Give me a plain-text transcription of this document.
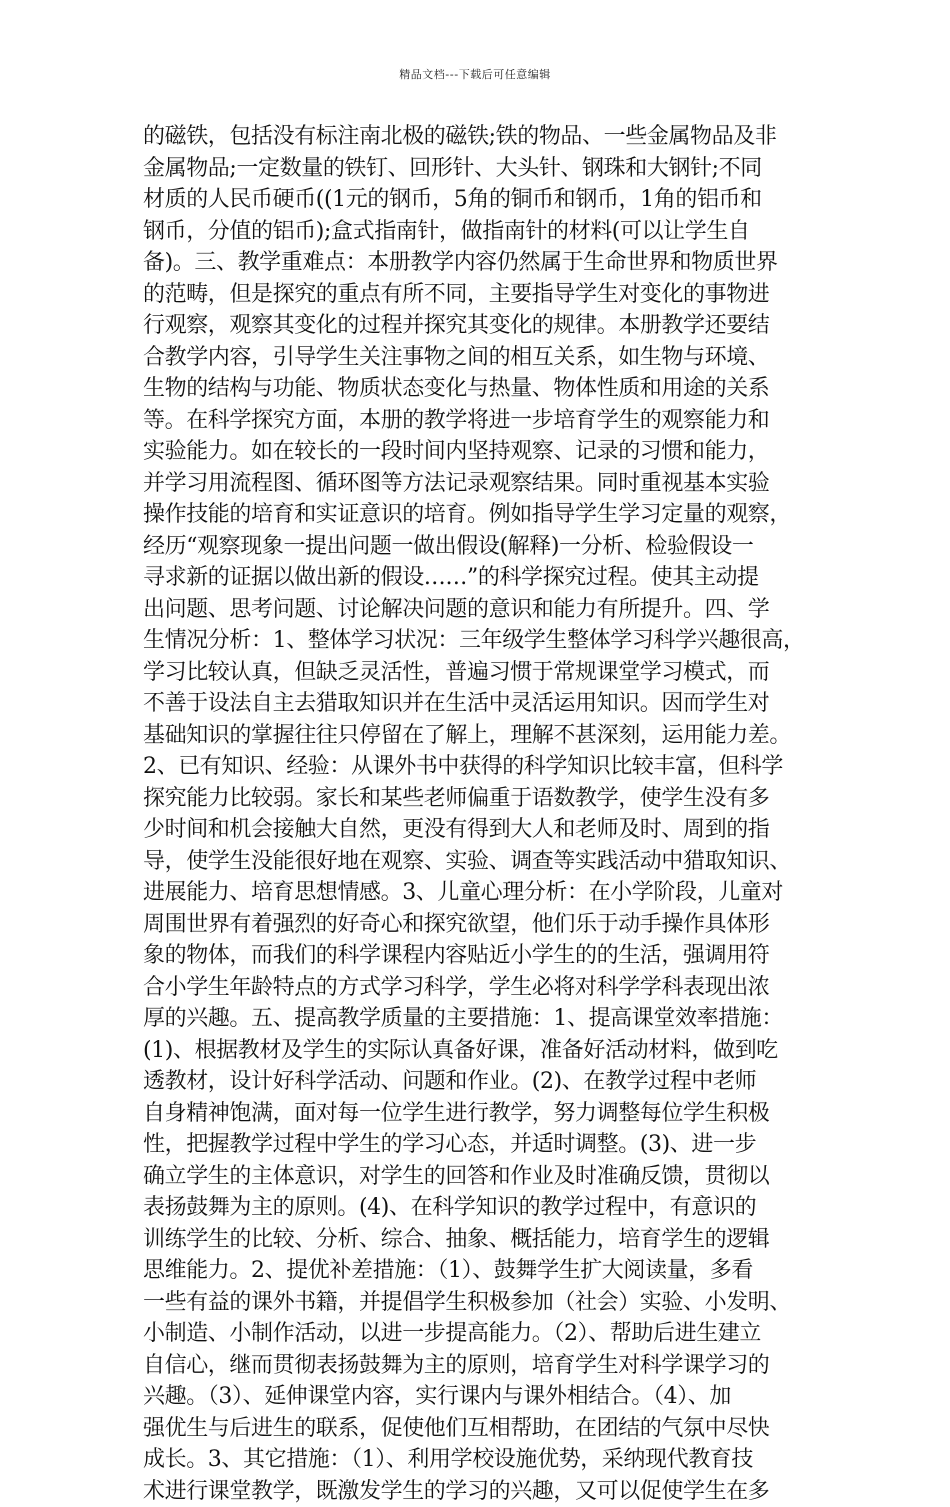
精品文档---下载后可任意编辑
的磁铁，包括没有标注南北极的磁铁;铁的物品、一些金属物品及非
金属物品;一定数量的铁钉、回形针、大头针、钢珠和大钢针;不同
材质的人民币硬币((1元的钢币，5角的铜币和钢币，1角的铝币和
钢币，分值的铝币);盒式指南针，做指南针的材料(可以让学生自
备)。三、教学重难点：本册教学内容仍然属于生命世界和物质世界
的范畴，但是探究的重点有所不同，主要指导学生对变化的事物进
行观察，观察其变化的过程并探究其变化的规律。本册教学还要结
合教学内容，引导学生关注事物之间的相互关系，如生物与环境、
生物的结构与功能、物质状态变化与热量、物体性质和用途的关系
等。在科学探究方面，本册的教学将进一步培育学生的观察能力和
实验能力。如在较长的一段时间内坚持观察、记录的习惯和能力，
并学习用流程图、循环图等方法记录观察结果。同时重视基本实验
操作技能的培育和实证意识的培育。例如指导学生学习定量的观察，
经历“观察现象一提出问题一做出假设(解释)一分析、检验假设一
寻求新的证据以做出新的假设……”的科学探究过程。使其主动提
出问题、思考问题、讨论解决问题的意识和能力有所提升。四、学
生情况分析：1、整体学习状况：三年级学生整体学习科学兴趣很高，
学习比较认真，但缺乏灵活性，普遍习惯于常规课堂学习模式，而
不善于设法自主去猎取知识并在生活中灵活运用知识。因而学生对
基础知识的掌握往往只停留在了解上，理解不甚深刻，运用能力差。
2、已有知识、经验：从课外书中获得的科学知识比较丰富，但科学
探究能力比较弱。家长和某些老师偏重于语数教学，使学生没有多
少时间和机会接触大自然，更没有得到大人和老师及时、周到的指
导，使学生没能很好地在观察、实验、调查等实践活动中猎取知识、
进展能力、培育思想情感。3、儿童心理分析：在小学阶段，儿童对
周围世界有着强烈的好奇心和探究欲望，他们乐于动手操作具体形
象的物体，而我们的科学课程内容贴近小学生的的生活，强调用符
合小学生年龄特点的方式学习科学，学生必将对科学学科表现出浓
厚的兴趣。五、提高教学质量的主要措施：1、提高课堂效率措施：
(1)、根据教材及学生的实际认真备好课，准备好活动材料，做到吃
透教材，设计好科学活动、问题和作业。(2)、在教学过程中老师
自身精神饱满，面对每一位学生进行教学，努力调整每位学生积极
性，把握教学过程中学生的学习心态，并适时调整。(3)、进一步
确立学生的主体意识，对学生的回答和作业及时准确反馈，贯彻以
表扬鼓舞为主的原则。(4)、在科学知识的教学过程中，有意识的
训练学生的比较、分析、综合、抽象、概括能力，培育学生的逻辑
思维能力。2、提优补差措施：（1）、鼓舞学生扩大阅读量，多看
一些有益的课外书籍，并提倡学生积极参加（社会）实验、小发明、
小制造、小制作活动，以进一步提高能力。（2）、帮助后进生建立
自信心，继而贯彻表扬鼓舞为主的原则，培育学生对科学课学习的
兴趣。（3）、延伸课堂内容，实行课内与课外相结合。（4）、加
强优生与后进生的联系，促使他们互相帮助，在团结的气氛中尽快
成长。3、其它措施：（1）、利用学校设施优势，采纳现代教育技
术进行课堂教学，既激发学生的学习的兴趣，又可以促使学生在多
